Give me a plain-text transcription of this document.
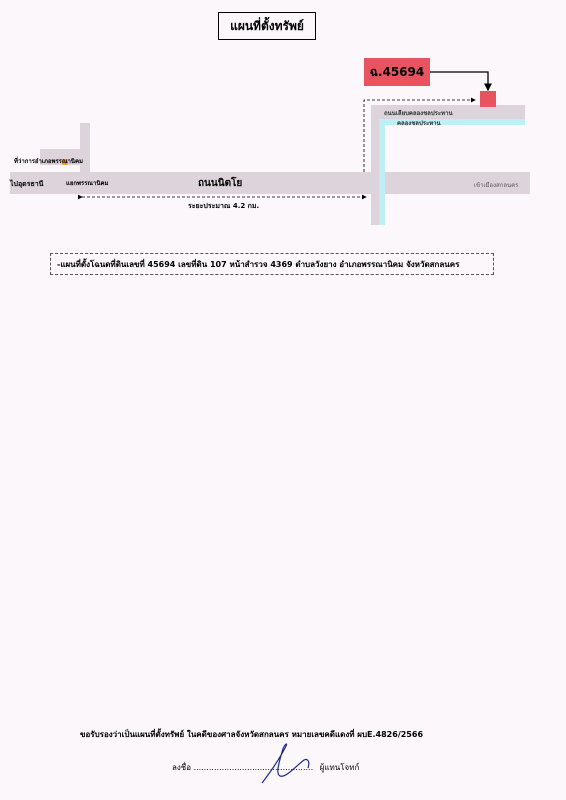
แผนที่ตั้งทรัพย์
ไปอุดรธานี
ที่ว่าการอำเภอพรรณานิคม
แยกพรรณานิคม	ถนนนิตโย	เข้าเมืองสกลนคร
ถนนเลียบคลองชลประทาน
คลองชลประทาน
ระยะประมาณ 4.2 กม.
ฉ.45694
-แผนที่ตั้งโฉนดที่ดินเลขที่ 45694 เลขที่ดิน 107 หน้าสำรวจ 4369 ตำบลวังยาง อำเภอพรรณานิคม จังหวัดสกลนคร
ขอรับรองว่าเป็นแผนที่ตั้งทรัพย์ ในคดีของศาลจังหวัดสกลนคร หมายเลขคดีแดงที่ ผบE.4826/2566
ลงชื่อ ............................................... ผู้แทนโจทก์
